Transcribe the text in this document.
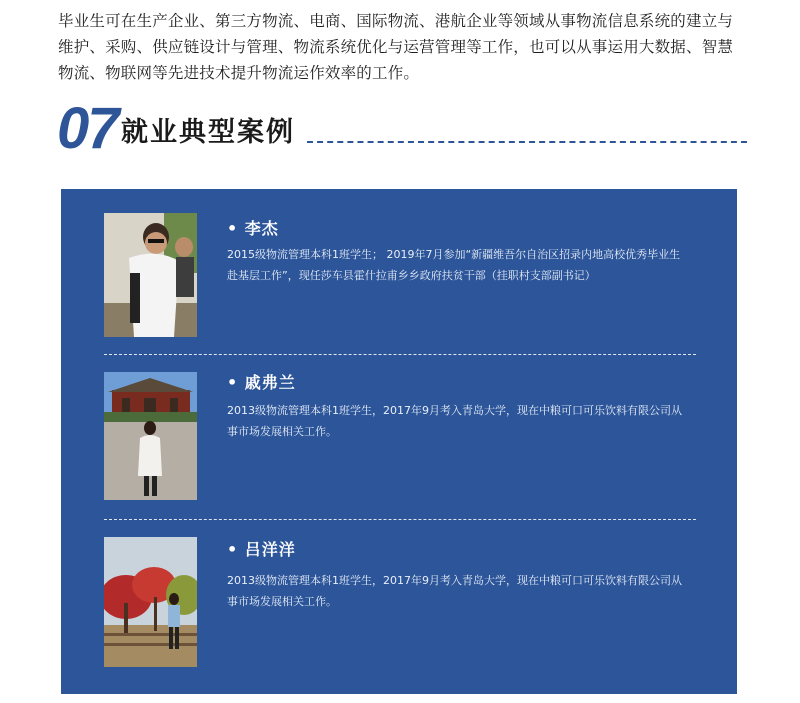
毕业生可在生产企业、第三方物流、电商、国际物流、港航企业等领域从事物流信息系统的建立与维护、采购、供应链设计与管理、物流系统优化与运营管理等工作，也可以从事运用大数据、智慧物流、物联网等先进技术提升物流运作效率的工作。

07 就业典型案例
• 李杰

2015级物流管理本科1班学生； 2019年7月参加“新疆维吾尔自治区招录内地高校优秀毕业生赴基层工作”，现任莎车县霍什拉甫乡乡政府扶贫干部（挂职村支部副书记）

• 戚弗兰

2013级物流管理本科1班学生，2017年9月考入青岛大学，现在中粮可口可乐饮料有限公司从事市场发展相关工作。

• 吕洋洋

2013级物流管理本科1班学生，2017年9月考入青岛大学，现在中粮可口可乐饮料有限公司从事市场发展相关工作。
